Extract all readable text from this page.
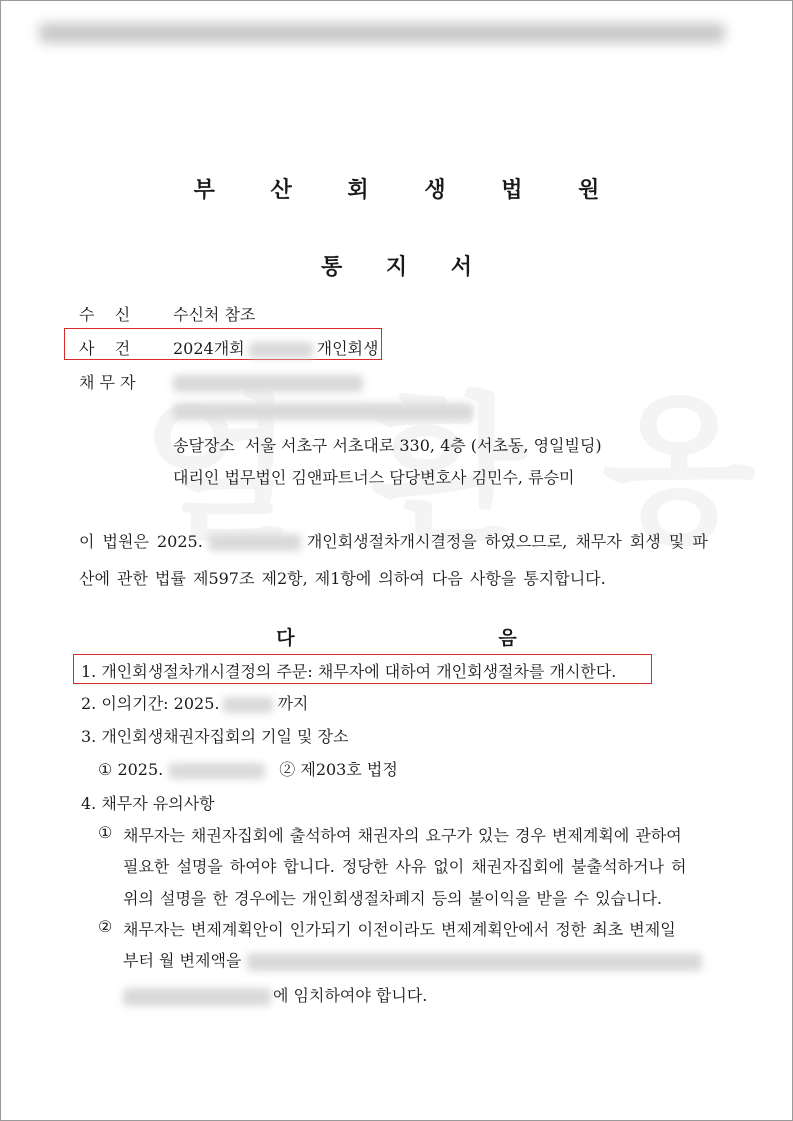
부 산 회 생 법 원
통 지 서
수    신	수신처 참조
사    건	2024개회	개인회생
채 무 자
송달장소 서울 서초구 서초대로 330, 4층 (서초동, 영일빌딩)
대리인 법무법인 김앤파트너스 담당변호사 김민수, 류승미
이 법원은 2025.	개인회생절차개시결정을 하였으므로, 채무자 회생 및 파
산에 관한 법률 제597조 제2항, 제1항에 의하여 다음 사항을 통지합니다.
다   음
1. 개인회생절차개시결정의 주문: 채무자에 대하여 개인회생절차를 개시한다.
2. 이의기간: 2025.	까지
3. 개인회생채권자집회의 기일 및 장소
① 2025.	② 제203호 법정
4. 채무자 유의사항
① 채무자는 채권자집회에 출석하여 채권자의 요구가 있는 경우 변제계획에 관하여
필요한 설명을 하여야 합니다. 정당한 사유 없이 채권자집회에 불출석하거나 허
위의 설명을 한 경우에는 개인회생절차폐지 등의 불이익을 받을 수 있습니다.
② 채무자는 변제계획안이 인가되기 이전이라도 변제계획안에서 정한 최초 변제일
부터 월 변제액을
에 임치하여야 합니다.
